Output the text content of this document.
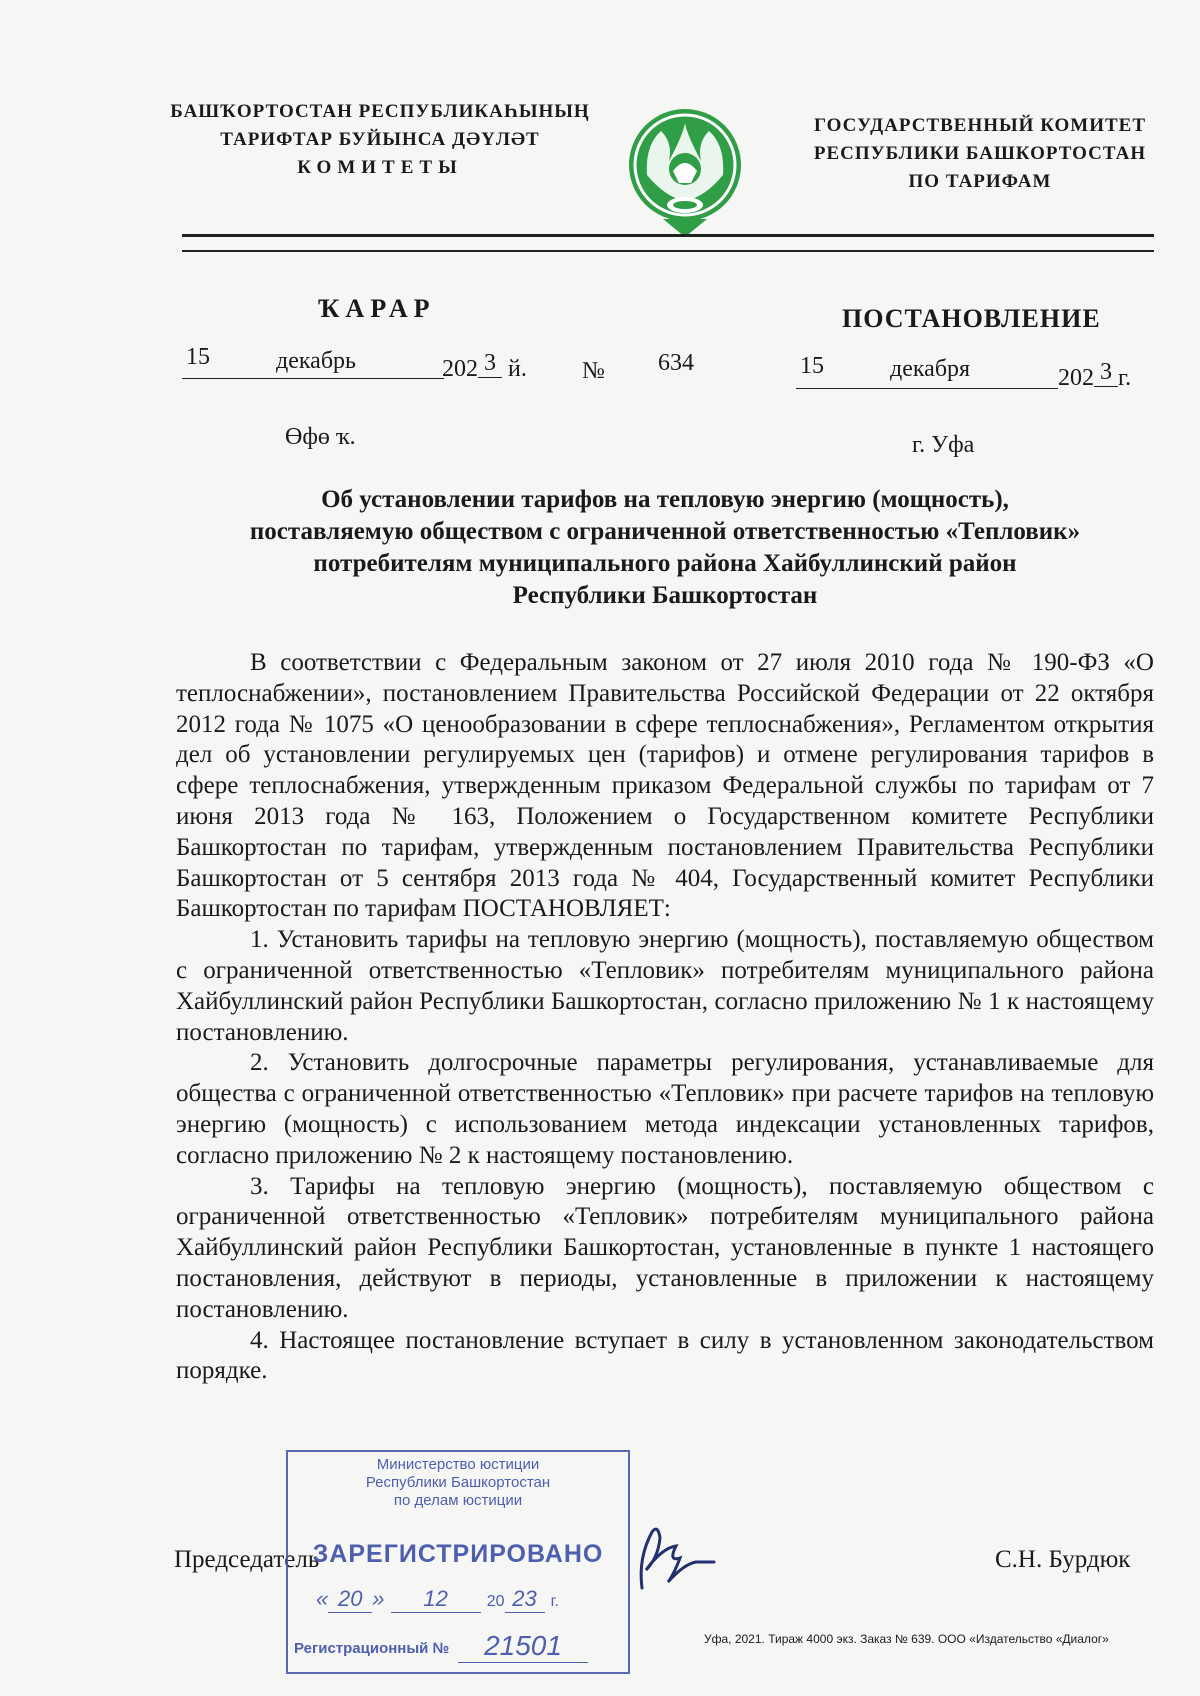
БАШҠОРТОСТАН РЕСПУБЛИКАҺЫНЫҢ
ТАРИФТАР БУЙЫНСА ДӘҮЛӘТ
КОМИТЕТЫ
ГОСУДАРСТВЕННЫЙ КОМИТЕТ
РЕСПУБЛИКИ БАШКОРТОСТАН
ПО ТАРИФАМ
ҠАРАР	ПОСТАНОВЛЕНИЕ
15	декабрь	202 3 й. № 634	15	декабря	202 3 г.
Өфө ҡ.	г. Уфа
Об установлении тарифов на тепловую энергию (мощность),
поставляемую обществом с ограниченной ответственностью «Тепловик»
потребителям муниципального района Хайбуллинский район
Республики Башкортостан

В соответствии с Федеральным законом от 27 июля 2010 года № 190-ФЗ «О теплоснабжении», постановлением Правительства Российской Федерации от 22 октября 2012 года № 1075 «О ценообразовании в сфере теплоснабжения», Регламентом открытия дел об установлении регулируемых цен (тарифов) и отмене регулирования тарифов в сфере теплоснабжения, утвержденным приказом Федеральной службы по тарифам от 7 июня 2013 года № 163, Положением о Государственном комитете Республики Башкортостан по тарифам, утвержденным постановлением Правительства Республики Башкортостан от 5 сентября 2013 года № 404, Государственный комитет Республики Башкортостан по тарифам ПОСТАНОВЛЯЕТ:

1. Установить тарифы на тепловую энергию (мощность), поставляемую обществом с ограниченной ответственностью «Тепловик» потребителям муниципального района Хайбуллинский район Республики Башкортостан, согласно приложению № 1 к настоящему постановлению.

2. Установить долгосрочные параметры регулирования, устанавливаемые для общества с ограниченной ответственностью «Тепловик» при расчете тарифов на тепловую энергию (мощность) с использованием метода индексации установленных тарифов, согласно приложению № 2 к настоящему постановлению.

3. Тарифы на тепловую энергию (мощность), поставляемую обществом с ограниченной ответственностью «Тепловик» потребителям муниципального района Хайбуллинский район Республики Башкортостан, установленные в пункте 1 настоящего постановления, действуют в периоды, установленные в приложении к настоящему постановлению.

4. Настоящее постановление вступает в силу в установленном законодательством порядке.

Председатель	С.Н. Бурдюк
Министерство юстиции
Республики Башкортостан
по делам юстиции
ЗАРЕГИСТРИРОВАНО
« 20 » 12 20 23 г.
Регистрационный №	21501	Уфа, 2021. Тираж 4000 экз. Заказ № 639. ООО «Издательство «Диалог»
